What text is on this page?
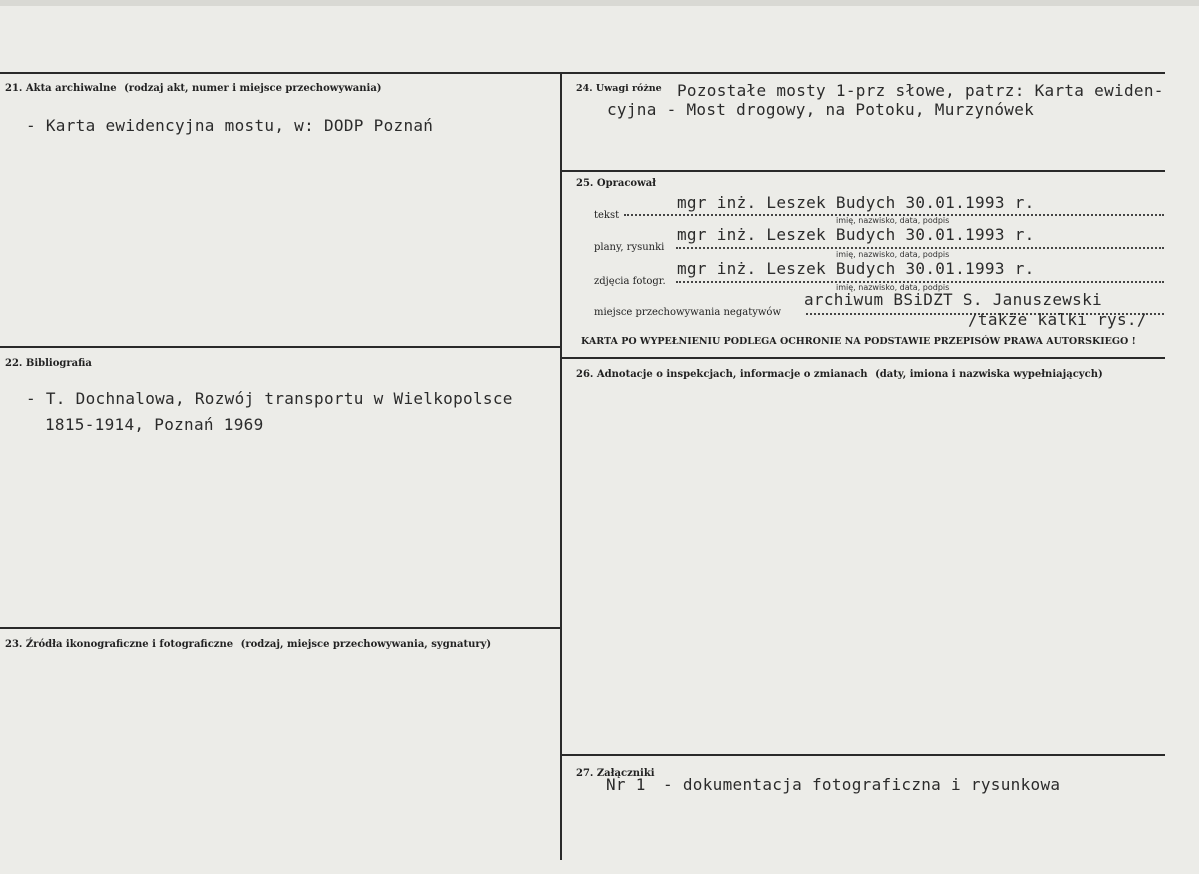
21. Akta archiwalne (rodzaj akt, numer i miejsce przechowywania)
- Karta ewidencyjna mostu, w: DODP Poznań
22. Bibliografia
- T. Dochnalowa, Rozwój transportu w Wielkopolsce
1815-1914, Poznań 1969
23. Źródła ikonograficzne i fotograficzne (rodzaj, miejsce przechowywania, sygnatury)
24. Uwagi różne Pozostałe mosty 1-prz słowe, patrz: Karta ewiden-
cyjna - Most drogowy, na Potoku, Murzynówek
25. Opracował
tekst
mgr inż. Leszek Budych 30.01.1993 r.
imię, nazwisko, data, podpis
plany, rysunki
mgr inż. Leszek Budych 30.01.1993 r.
imię, nazwisko, data, podpis
zdjęcia fotogr.
mgr inż. Leszek Budych 30.01.1993 r.
imię, nazwisko, data, podpis
miejsce przechowywania negatywów
archiwum BSiDZT S. Januszewski
/także kalki rys./
KARTA PO WYPEŁNIENIU PODLEGA OCHRONIE NA PODSTAWIE PRZEPISÓW PRAWA AUTORSKIEGO !
26. Adnotacje o inspekcjach, informacje o zmianach (daty, imiona i nazwiska wypełniających)
27. Załączniki
Nr 1 - dokumentacja fotograficzna i rysunkowa
